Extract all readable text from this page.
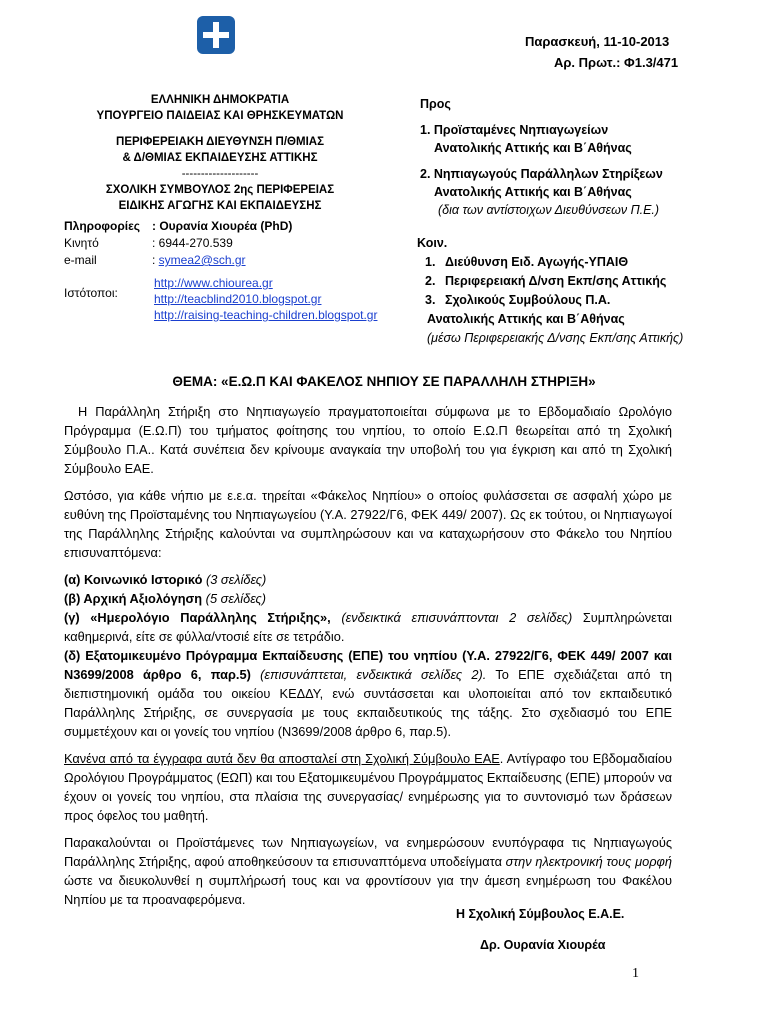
Παρασκευή, 11-10-2013
Αρ. Πρωτ.: Φ1.3/471
ΕΛΛΗΝΙΚΗ ΔΗΜΟΚΡΑΤΙΑ
ΥΠΟΥΡΓΕΙΟ ΠΑΙΔΕΙΑΣ ΚΑΙ ΘΡΗΣΚΕΥΜΑΤΩΝ
ΠΕΡΙΦΕΡΕΙΑΚΗ ΔΙΕΥΘΥΝΣΗ Π/ΘΜΙΑΣ
& Δ/ΘΜΙΑΣ ΕΚΠΑΙΔΕΥΣΗΣ ΑΤΤΙΚΗΣ
--------------------
ΣΧΟΛΙΚΗ ΣΥΜΒΟΥΛΟΣ 2ης ΠΕΡΙΦΕΡΕΙΑΣ
ΕΙΔΙΚΗΣ ΑΓΩΓΗΣ ΚΑΙ ΕΚΠΑΙΔΕΥΣΗΣ
Πληροφορίες : Ουρανία Χιουρέα (PhD)
Κινητό	: 6944-270.539
e-mail	: symea2@sch.gr
Ιστότοποι:
http://www.chiourea.gr
http://teacblind2010.blogspot.gr
http://raising-teaching-children.blogspot.gr
Προς
1. Προϊσταμένες Νηπιαγωγείων
Ανατολικής Αττικής και Β΄Αθήνας
2. Νηπιαγωγούς Παράλληλων Στηρίξεων
Ανατολικής Αττικής και Β΄Αθήνας
(δια των αντίστοιχων Διευθύνσεων Π.Ε.)
Κοιν.
1. Διεύθυνση Ειδ. Αγωγής-ΥΠΑΙΘ
2. Περιφερειακή Δ/νση Εκπ/σης Αττικής
3. Σχολικούς Συμβούλους Π.Α.
Ανατολικής Αττικής και Β΄Αθήνας
(μέσω Περιφερειακής Δ/νσης Εκπ/σης Αττικής)
ΘΕΜΑ: «Ε.Ω.Π ΚΑΙ ΦΑΚΕΛΟΣ ΝΗΠΙΟΥ ΣΕ ΠΑΡΑΛΛΗΛΗ ΣΤΗΡΙΞΗ»

Η Παράλληλη Στήριξη στο Νηπιαγωγείο πραγματοποιείται σύμφωνα με το Εβδομαδιαίο Ωρολόγιο Πρόγραμμα (Ε.Ω.Π) του τμήματος φοίτησης του νηπίου, το οποίο Ε.Ω.Π θεωρείται από τη Σχολική Σύμβουλο Π.Α.. Κατά συνέπεια δεν κρίνουμε αναγκαία την υποβολή του για έγκριση και από τη Σχολική Σύμβουλο ΕΑΕ.

Ωστόσο, για κάθε νήπιο με ε.ε.α. τηρείται «Φάκελος Νηπίου» ο οποίος φυλάσσεται σε ασφαλή χώρο με ευθύνη της Προϊσταμένης του Νηπιαγωγείου (Υ.Α. 27922/Γ6, ΦΕΚ 449/ 2007). Ως εκ τούτου, οι Νηπιαγωγοί της Παράλληλης Στήριξης καλούνται να συμπληρώσουν και να καταχωρήσουν στο Φάκελο του Νηπίου επισυναπτόμενα:

(α) Κοινωνικό Ιστορικό (3 σελίδες)
(β) Αρχική Αξιολόγηση (5 σελίδες)
(γ) «Ημερολόγιο Παράλληλης Στήριξης», (ενδεικτικά επισυνάπτονται 2 σελίδες) Συμπληρώνεται καθημερινά, είτε σε φύλλα/ντοσιέ είτε σε τετράδιο.
(δ) Εξατομικευμένο Πρόγραμμα Εκπαίδευσης (ΕΠΕ) του νηπίου (Υ.Α. 27922/Γ6, ΦΕΚ 449/ 2007 και Ν3699/2008 άρθρο 6, παρ.5) (επισυνάπτεται, ενδεικτικά σελίδες 2). Το ΕΠΕ σχεδιάζεται από τη διεπιστημονική ομάδα του οικείου ΚΕΔΔΥ, ενώ συντάσσεται και υλοποιείται από τον εκπαιδευτικό Παράλληλης Στήριξης, σε συνεργασία με τους εκπαιδευτικούς της τάξης. Στο σχεδιασμό του ΕΠΕ συμμετέχουν και οι γονείς του νηπίου (Ν3699/2008 άρθρο 6, παρ.5).

Κανένα από τα έγγραφα αυτά δεν θα αποσταλεί στη Σχολική Σύμβουλο ΕΑΕ. Αντίγραφο του Εβδομαδιαίου Ωρολόγιου Προγράμματος (ΕΩΠ) και του Εξατομικευμένου Προγράμματος Εκπαίδευσης (ΕΠΕ) μπορούν να έχουν οι γονείς του νηπίου, στα πλαίσια της συνεργασίας/ ενημέρωσης για το συντονισμό των δράσεων προς όφελος του μαθητή.

Παρακαλούνται οι Προϊστάμενες των Νηπιαγωγείων, να ενημερώσουν ενυπόγραφα τις Νηπιαγωγούς Παράλληλης Στήριξης, αφού αποθηκεύσουν τα επισυναπτόμενα υποδείγματα στην ηλεκτρονική τους μορφή ώστε να διευκολυνθεί η συμπλήρωσή τους και να φροντίσουν για την άμεση ενημέρωση του Φακέλου Νηπίου με τα προαναφερόμενα.

Η Σχολική Σύμβουλος Ε.Α.Ε.
Δρ. Ουρανία Χιουρέα
1
